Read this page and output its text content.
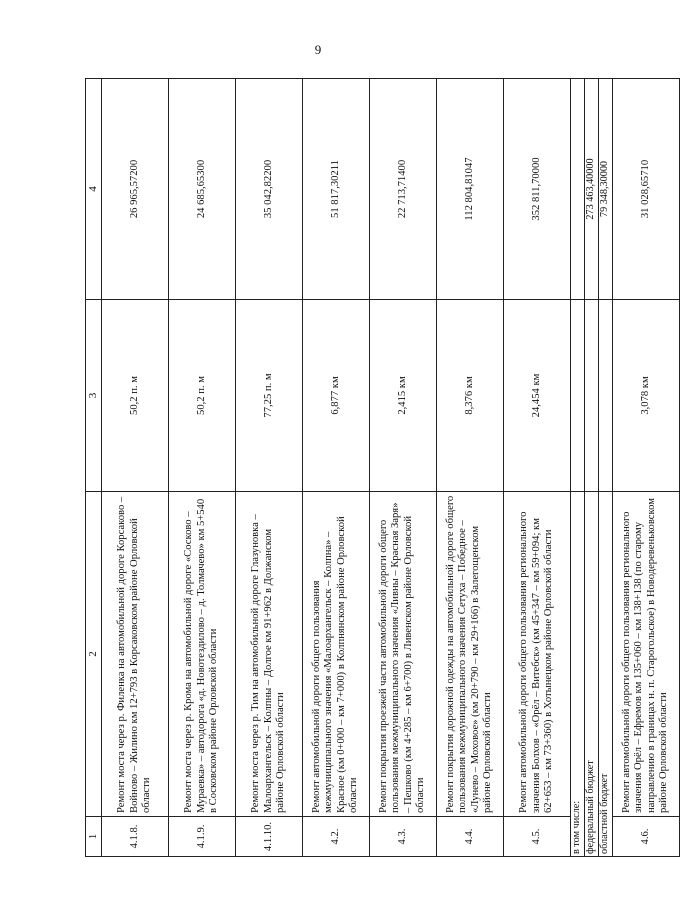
9
1	2	3	4
4.1.8.	Ремонт моста через р. Филенка на автомобильной дороге Корсаково – Войново – Жилино км 12+793 в Корсаковском районе Орловской области	50,2 п. м	26 965,57200
4.1.9.	Ремонт моста через р. Крома на автомобильной дороге «Сосково – Мураевка» – автодорога «д. Новотездилово – д. Толмачево» км 5+540 в Сосковском районе Орловской области	50,2 п. м	24 685,65300
4.1.10.	Ремонт моста через р. Тим на автомобильной дороге Глазуновка – Малоархангельск – Колпны – Долгое км 91+962 в Должанском районе Орловской области	77,25 п. м	35 042,82200
4.2.	Ремонт автомобильной дороги общего пользования межмуниципального значения «Малоархангельск – Колпна» – Красное (км 0+000 – км 7+000) в Колпнянском районе Орловской области	6,877 км	51 817,30211
4.3.	Ремонт покрытия проезжей части автомобильной дороги общего пользования межмуниципального значения «Ливны – Красная Заря» – Пешково (км 4+285 – км 6+700) в Ливенском районе Орловской области	2,415 км	22 713,71400
4.4.	Ремонт покрытия дорожной одежды на автомобильной дороге общего пользования межмуниципального значения Сетуха – Победное – «Лунево – Моховое» (км 20+790 – км 29+166) в Залегощенском районе Орловской области	8,376 км	112 804,81047
4.5.	Ремонт автомобильной дороги общего пользования регионального значения Болхов – «Орёл – Витебск» (км 45+347 – км 59+094; км 62+653 – км 73+360) в Хотынецком районе Орловской области	24,454 км	352 811,70000
в том числе:			
федеральный бюджет			273 463,40000
областной бюджет			79 348,30000
4.6.	Ремонт автомобильной дороги общего пользования регионального значения Орёл – Ефремов км 135+060 – км 138+138 (по старому направлению в границах н. п. Старогольское) в Новодеревеньковском районе Орловской области	3,078 км	31 028,65710
